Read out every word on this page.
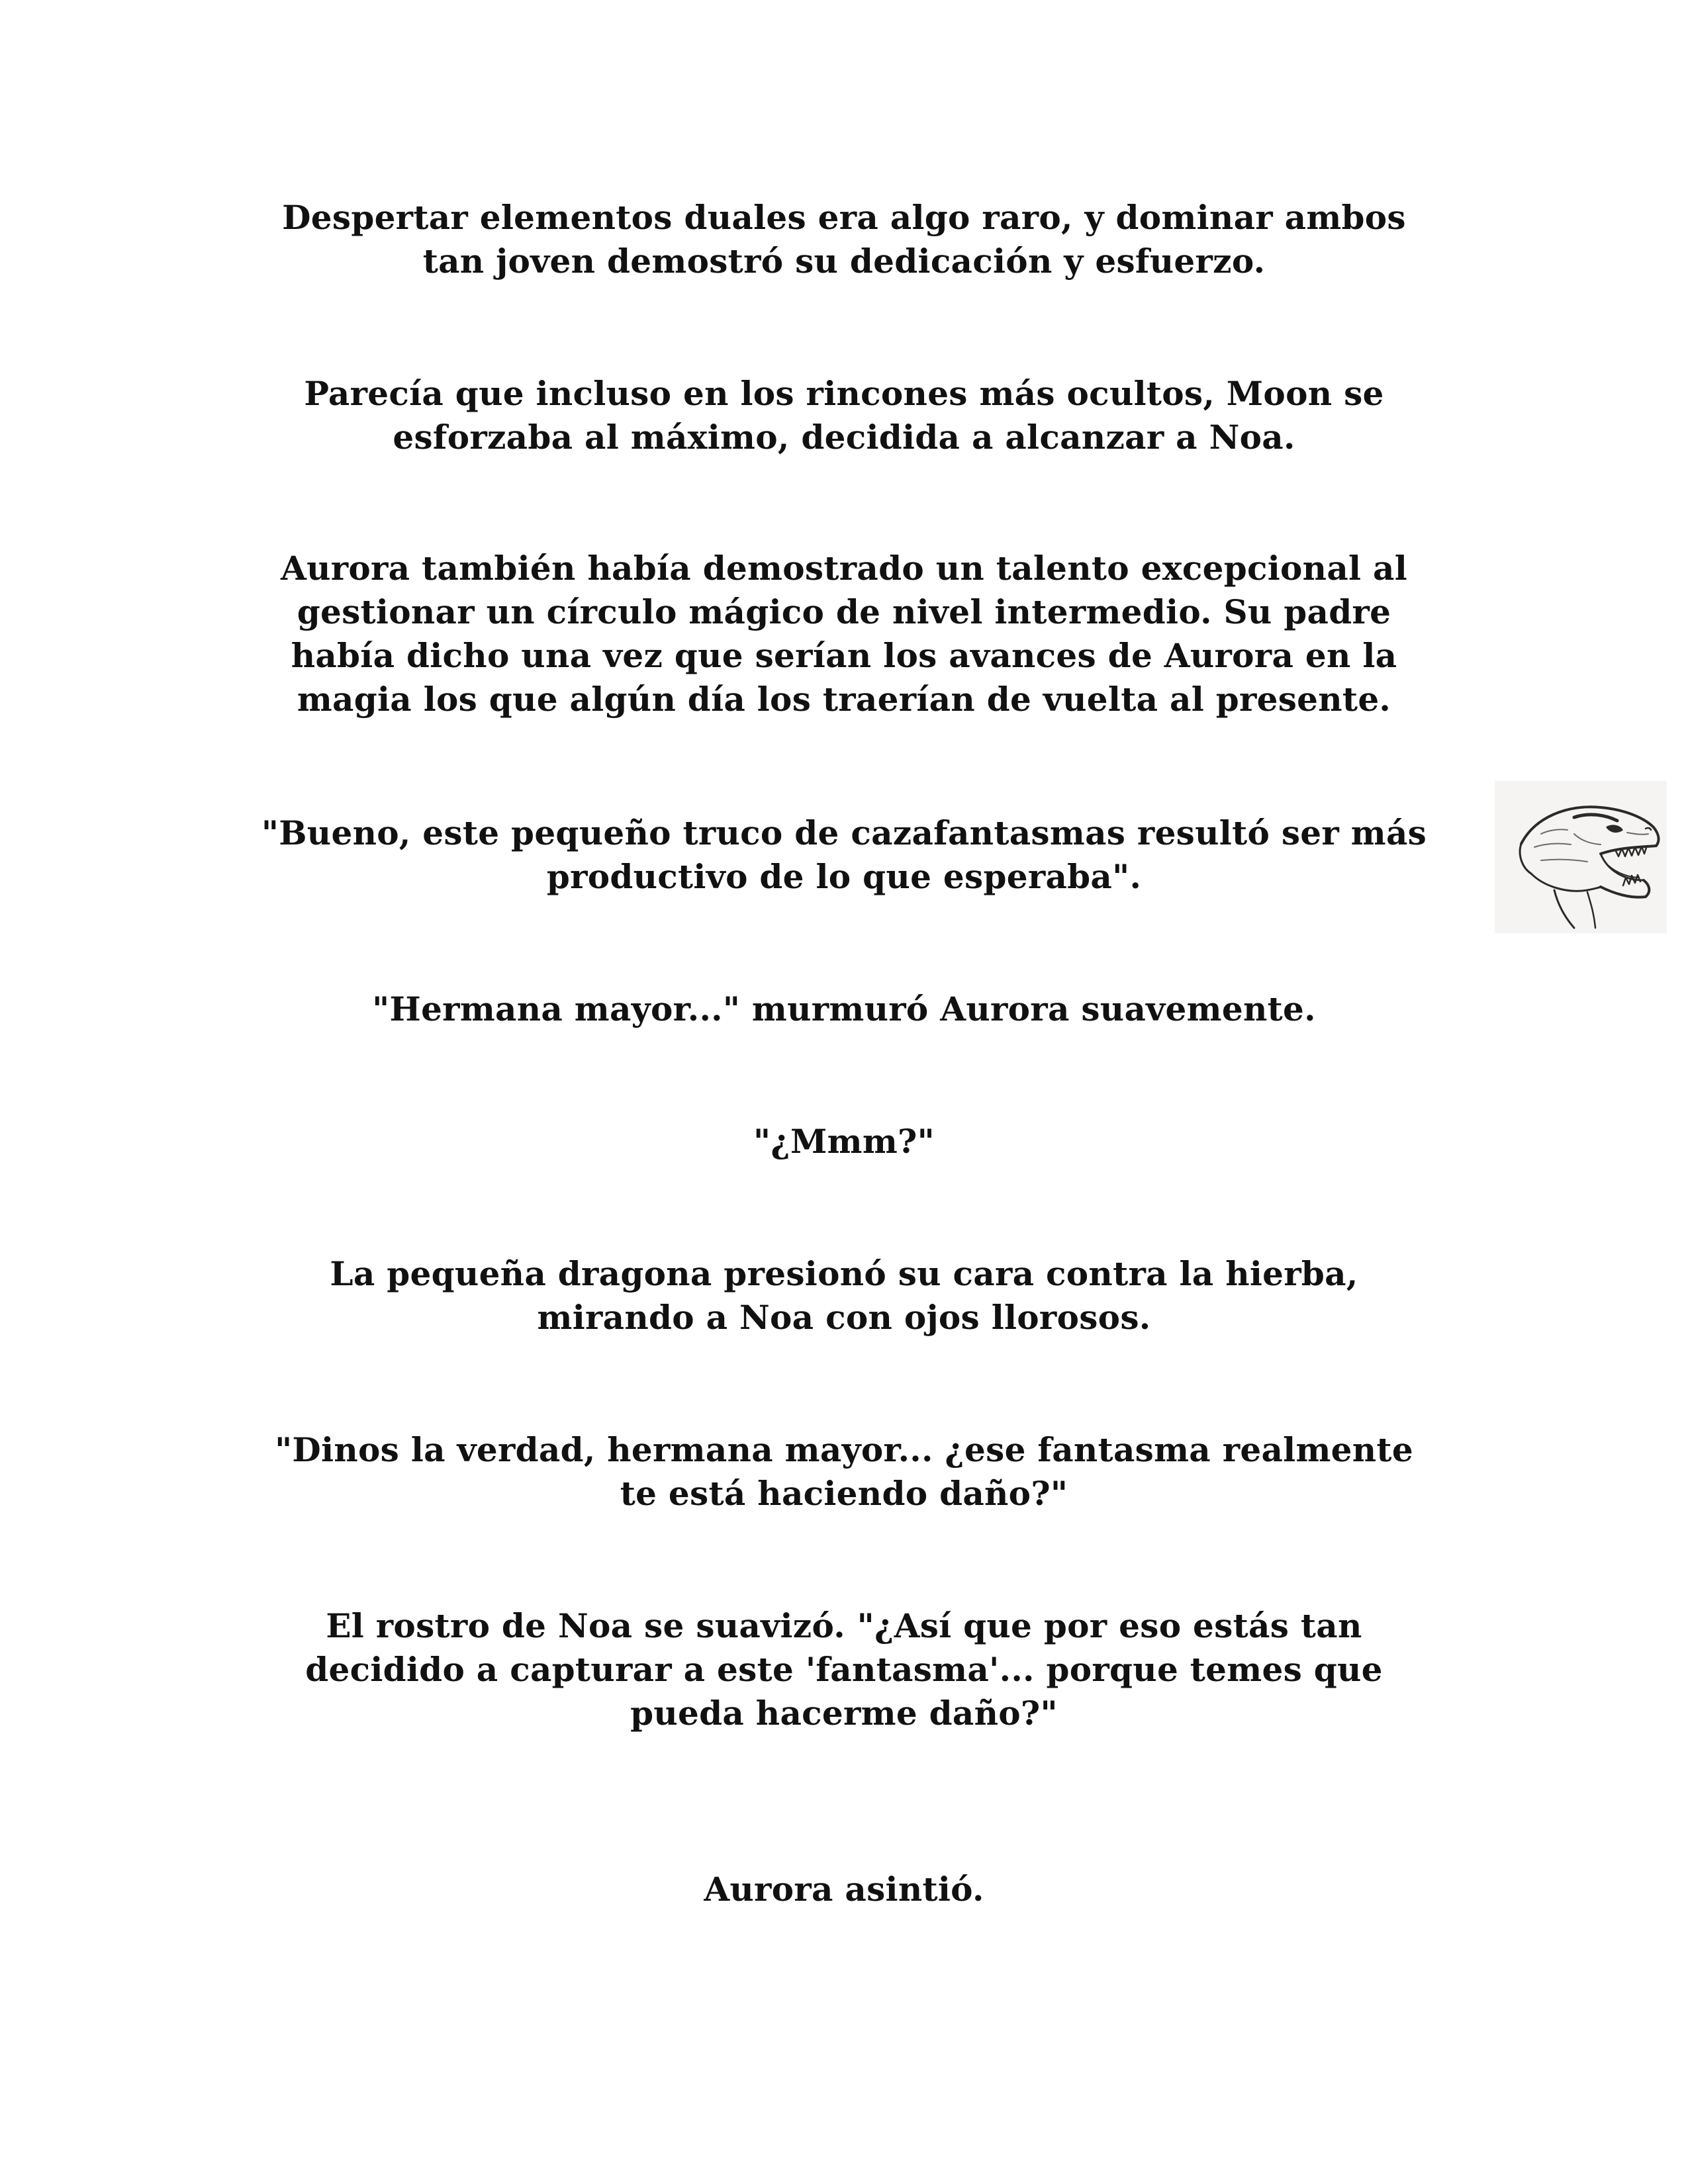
Despertar elementos duales era algo raro, y dominar ambos
tan joven demostró su dedicación y esfuerzo.

Parecía que incluso en los rincones más ocultos, Moon se
esforzaba al máximo, decidida a alcanzar a Noa.

Aurora también había demostrado un talento excepcional al
gestionar un círculo mágico de nivel intermedio. Su padre
había dicho una vez que serían los avances de Aurora en la
magia los que algún día los traerían de vuelta al presente.

"Bueno, este pequeño truco de cazafantasmas resultó ser más
productivo de lo que esperaba".

"Hermana mayor..." murmuró Aurora suavemente.

"¿Mmm?"

La pequeña dragona presionó su cara contra la hierba,
mirando a Noa con ojos llorosos.

"Dinos la verdad, hermana mayor... ¿ese fantasma realmente
te está haciendo daño?"

El rostro de Noa se suavizó. "¿Así que por eso estás tan
decidido a capturar a este 'fantasma'... porque temes que
pueda hacerme daño?"

Aurora asintió.
